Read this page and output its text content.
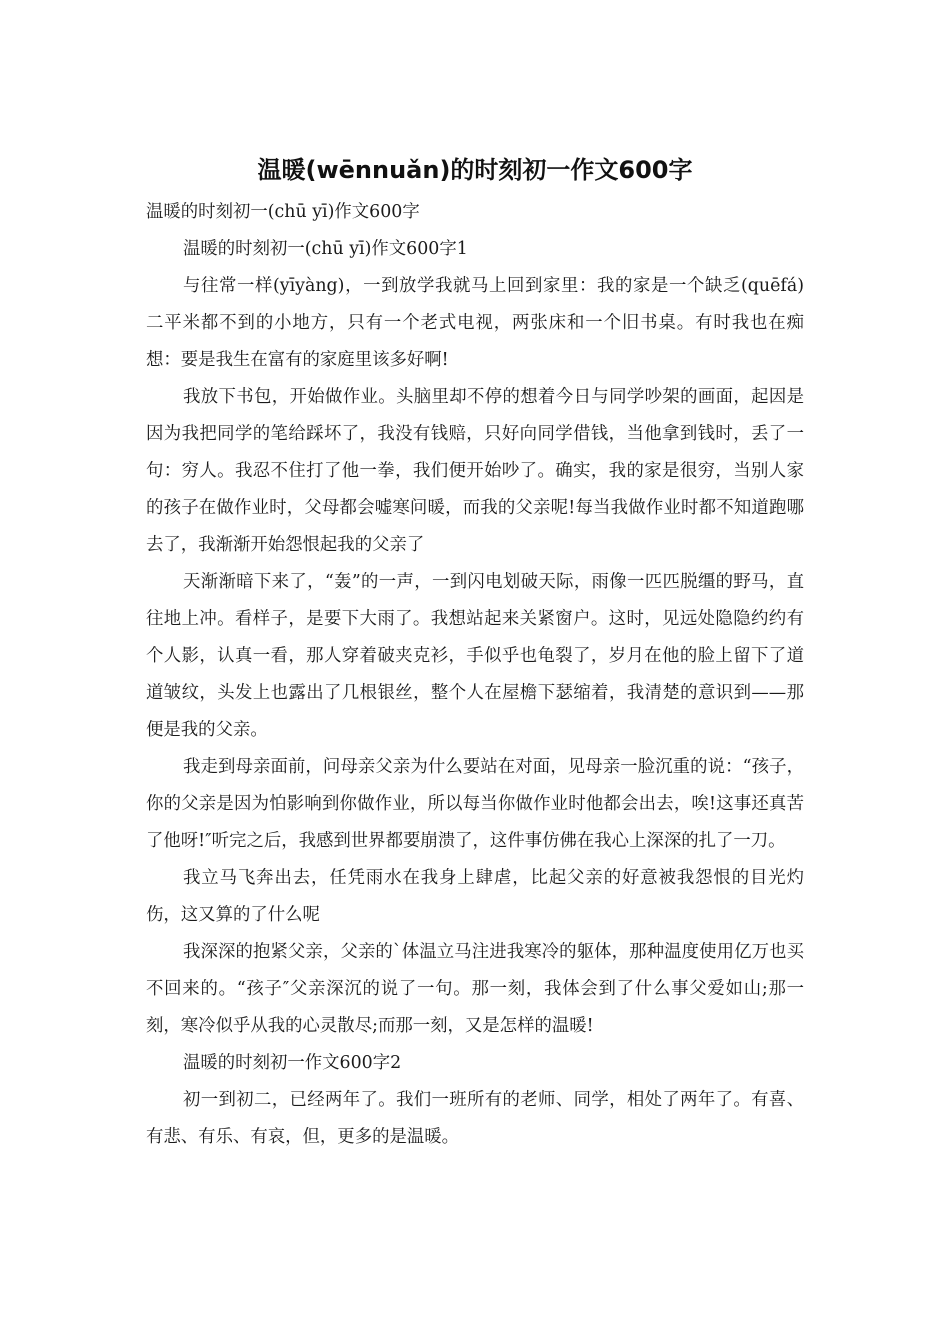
温暖(wēnnuǎn)的时刻初一作文600字

温暖的时刻初一(chū yī)作文600字

温暖的时刻初一(chū yī)作文600字1

与往常一样(yīyàng)，一到放学我就马上回到家里：我的家是一个缺乏(quēfá)二平米都不到的小地方，只有一个老式电视，两张床和一个旧书桌。有时我也在痴想：要是我生在富有的家庭里该多好啊!

我放下书包，开始做作业。头脑里却不停的想着今日与同学吵架的画面，起因是因为我把同学的笔给踩坏了，我没有钱赔，只好向同学借钱，当他拿到钱时，丢了一句：穷人。我忍不住打了他一拳，我们便开始吵了。确实，我的家是很穷，当别人家的孩子在做作业时，父母都会嘘寒问暖，而我的父亲呢!每当我做作业时都不知道跑哪去了，我渐渐开始怨恨起我的父亲了

天渐渐暗下来了，“轰”的一声，一到闪电划破天际，雨像一匹匹脱缰的野马，直往地上冲。看样子，是要下大雨了。我想站起来关紧窗户。这时，见远处隐隐约约有个人影，认真一看，那人穿着破夹克衫，手似乎也龟裂了，岁月在他的脸上留下了道道皱纹，头发上也露出了几根银丝，整个人在屋檐下瑟缩着，我清楚的意识到——那便是我的父亲。

我走到母亲面前，问母亲父亲为什么要站在对面，见母亲一脸沉重的说：“孩子，你的父亲是因为怕影响到你做作业，所以每当你做作业时他都会出去，唉!这事还真苦了他呀!″听完之后，我感到世界都要崩溃了，这件事仿佛在我心上深深的扎了一刀。

我立马飞奔出去，任凭雨水在我身上肆虐，比起父亲的好意被我怨恨的目光灼伤，这又算的了什么呢

我深深的抱紧父亲，父亲的`体温立马注进我寒冷的躯体，那种温度使用亿万也买不回来的。“孩子″父亲深沉的说了一句。那一刻，我体会到了什么事父爱如山;那一刻，寒冷似乎从我的心灵散尽;而那一刻，又是怎样的温暖!

温暖的时刻初一作文600字2

初一到初二，已经两年了。我们一班所有的老师、同学，相处了两年了。有喜、有悲、有乐、有哀，但，更多的是温暖。
